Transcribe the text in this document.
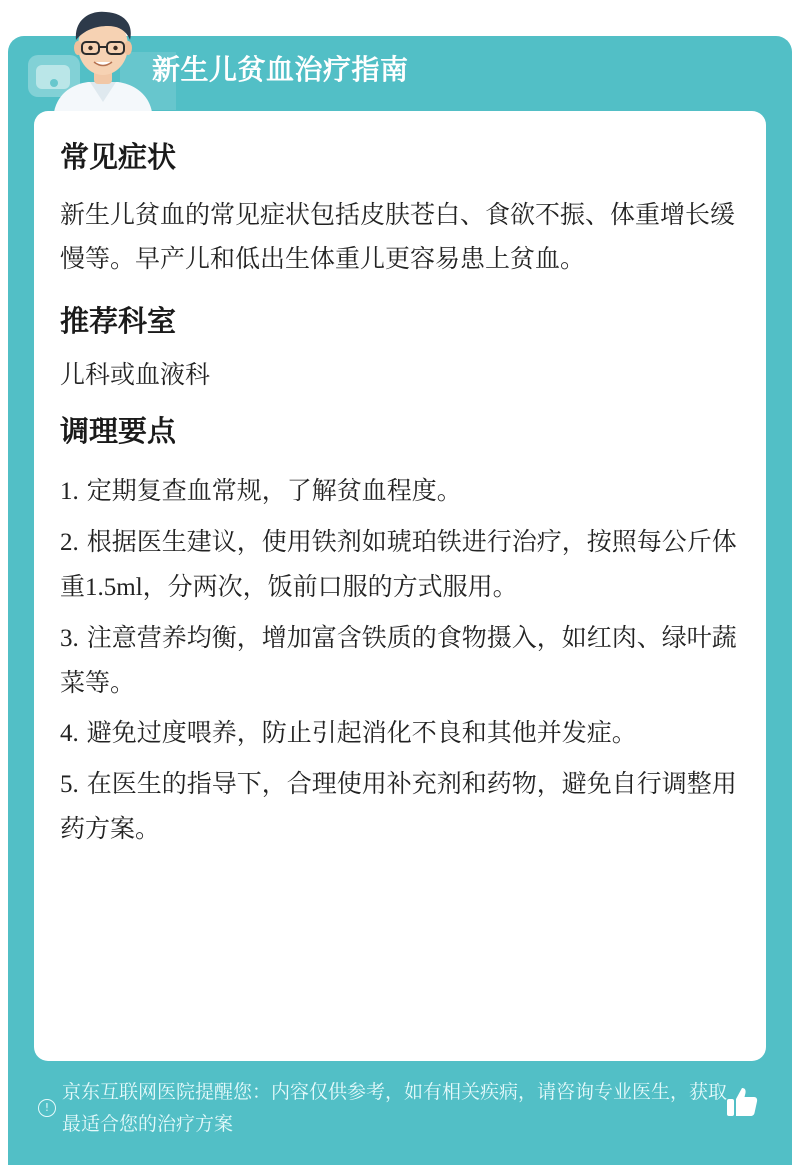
新生儿贫血治疗指南
常见症状

新生儿贫血的常见症状包括皮肤苍白、食欲不振、体重增长缓慢等。早产儿和低出生体重儿更容易患上贫血。

推荐科室

儿科或血液科

调理要点

1. 定期复查血常规，了解贫血程度。

2. 根据医生建议，使用铁剂如琥珀铁进行治疗，按照每公斤体重1.5ml，分两次，饭前口服的方式服用。

3. 注意营养均衡，增加富含铁质的食物摄入，如红肉、绿叶蔬菜等。

4. 避免过度喂养，防止引起消化不良和其他并发症。

5. 在医生的指导下，合理使用补充剂和药物，避免自行调整用药方案。

!

京东互联网医院提醒您：内容仅供参考，如有相关疾病，请咨询专业医生，获取最适合您的治疗方案
